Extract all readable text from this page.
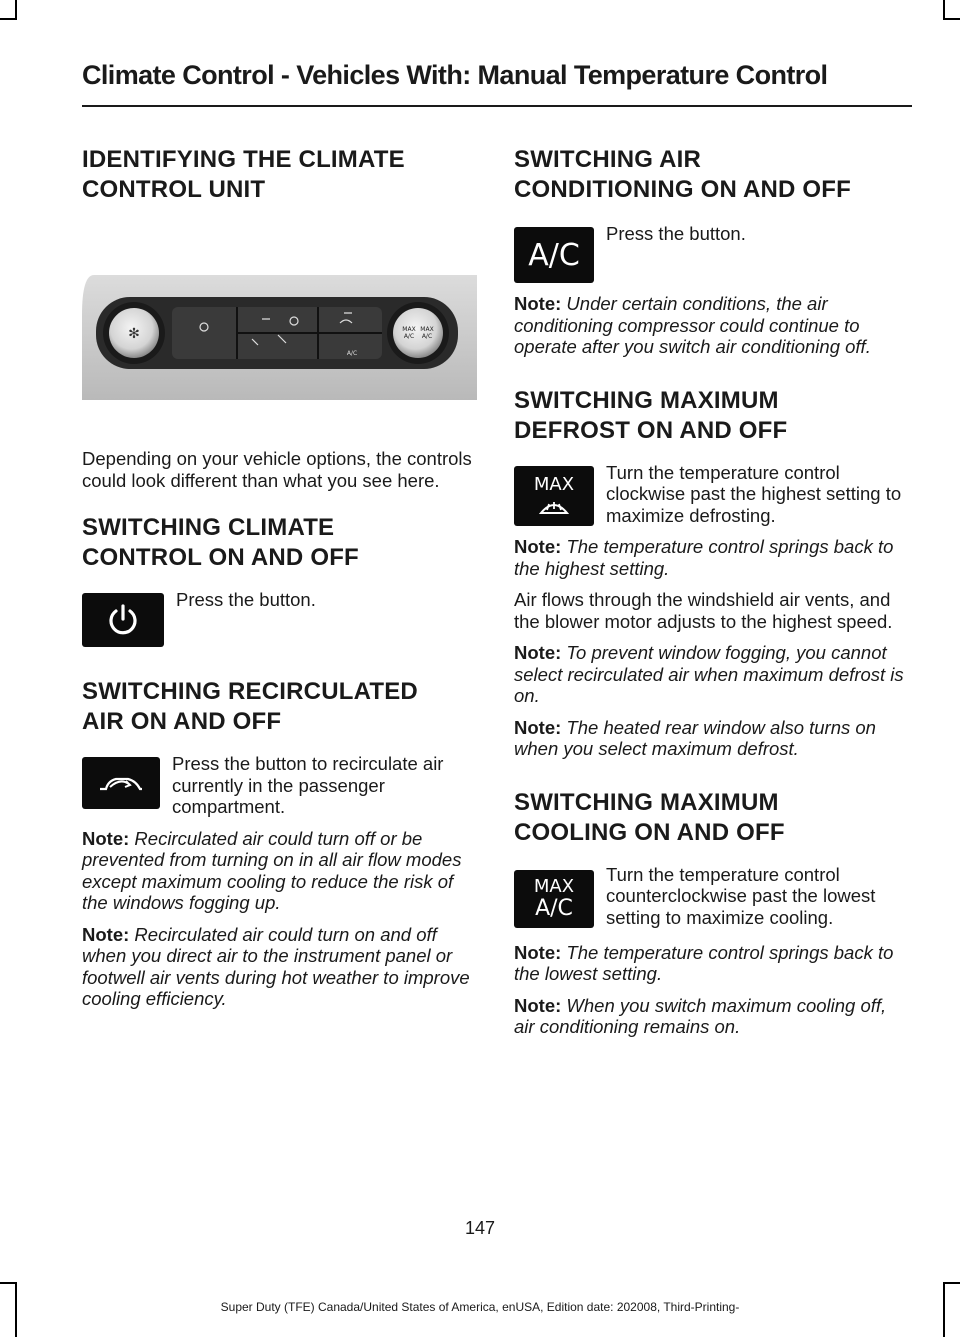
Climate Control - Vehicles With: Manual Temperature Control
IDENTIFYING THE CLIMATE
CONTROL UNIT
✻	MAX
A/C
MAX
A/C
A/C

Depending on your vehicle options, the controls could look different than what you see here.

SWITCHING CLIMATE
CONTROL ON AND OFF

Press the button.

SWITCHING RECIRCULATED
AIR ON AND OFF

Press the button to recirculate air currently in the passenger compartment.

Note: Recirculated air could turn off or be prevented from turning on in all air flow modes except maximum cooling to reduce the risk of the windows fogging up.

Note: Recirculated air could turn on and off when you direct air to the instrument panel or footwell air vents during hot weather to improve cooling efficiency.

SWITCHING AIR
CONDITIONING ON AND OFF
A/C

Press the button.

Note: Under certain conditions, the air conditioning compressor could continue to operate after you switch air conditioning off.

SWITCHING MAXIMUM
DEFROST ON AND OFF
MAX

Turn the temperature control clockwise past the highest setting to maximize defrosting.

Note: The temperature control springs back to the highest setting.

Air flows through the windshield air vents, and the blower motor adjusts to the highest speed.

Note: To prevent window fogging, you cannot select recirculated air when maximum defrost is on.

Note: The heated rear window also turns on when you select maximum defrost.

SWITCHING MAXIMUM
COOLING ON AND OFF
MAX
A/C

Turn the temperature control counterclockwise past the lowest setting to maximize cooling.

Note: The temperature control springs back to the lowest setting.

Note: When you switch maximum cooling off, air conditioning remains on.

147
Super Duty (TFE) Canada/United States of America, enUSA, Edition date: 202008, Third-Printing-
